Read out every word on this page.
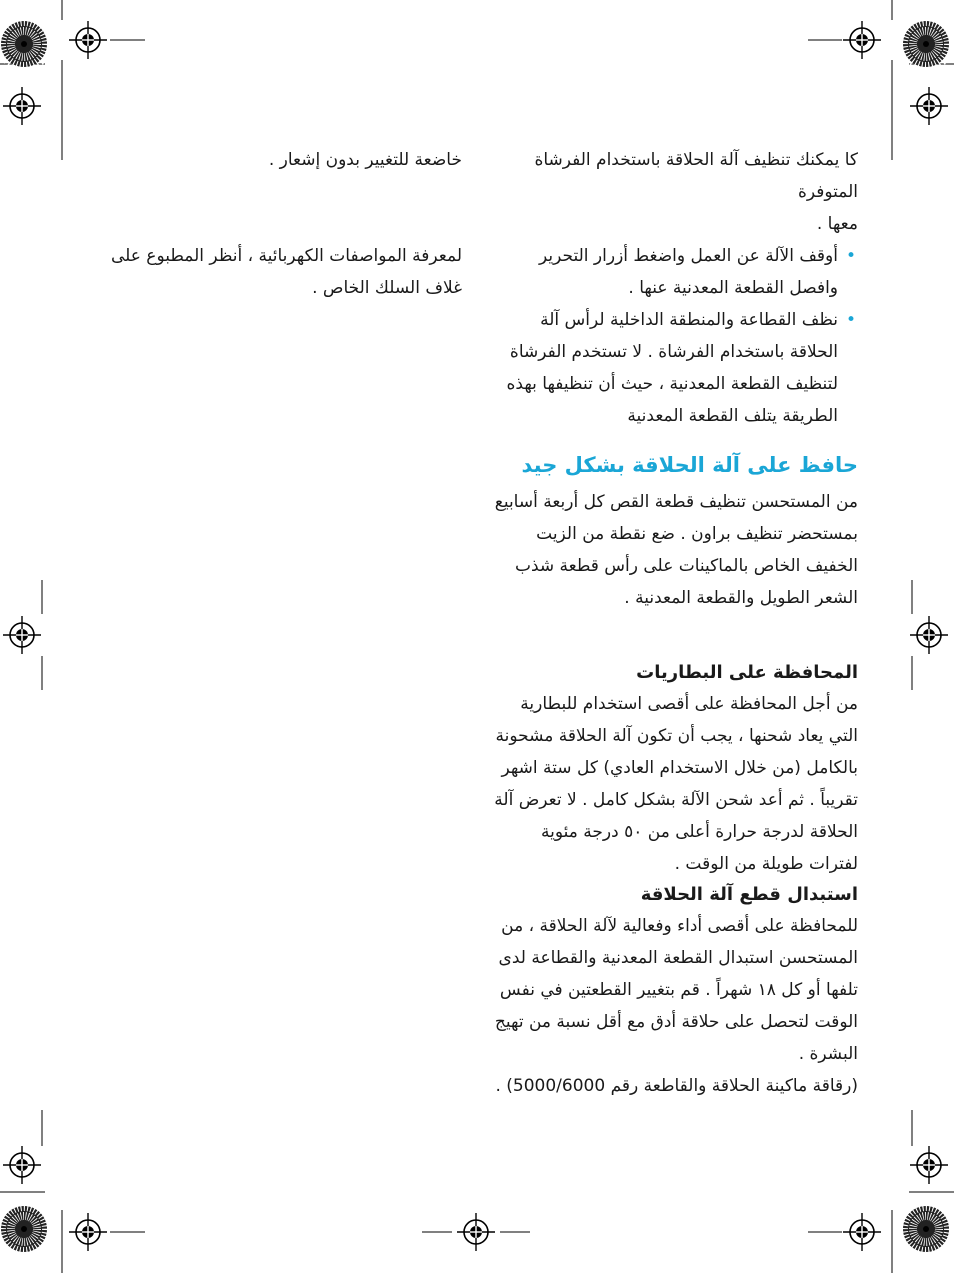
كا يمكنك تنظيف آلة الحلاقة باستخدام الفرشاة المتوفرة

معها .

• أوقف الآلة عن العمل واضغط أزرار التحرير وافصل القطعة المعدنية عنها .
• نظف القطاعة والمنطقة الداخلية لرأس آلة الحلاقة باستخدام الفرشاة . لا تستخدم الفرشاة لتنظيف القطعة المعدنية ، حيث أن تنظيفها بهذه الطريقة يتلف القطعة المعدنية
حافظ على آلة الحلاقة بشكل جيد

من المستحسن تنظيف قطعة القص كل أربعة أسابيع بمستحضر تنظيف براون . ضع نقطة من الزيت الخفيف الخاص بالماكينات على رأس قطعة شذب الشعر الطويل والقطعة المعدنية .

المحافظة على البطاريات

من أجل المحافظة على أقصى استخدام للبطارية التي يعاد شحنها ، يجب أن تكون آلة الحلاقة مشحونة بالكامل (من خلال الاستخدام العادي) كل ستة اشهر تقريباً . ثم أعد شحن الآلة بشكل كامل . لا تعرض آلة الحلاقة لدرجة حرارة أعلى من ٥٠ درجة مئوية لفترات طويلة من الوقت .

استبدال قطع آلة الحلاقة

للمحافظة على أقصى أداء وفعالية لآلة الحلاقة ، من المستحسن استبدال القطعة المعدنية والقطاعة لدى تلفها أو كل ١٨ شهراً . قم بتغيير القطعتين في نفس الوقت لتحصل على حلاقة أدق مع أقل نسبة من تهيج البشرة .

(رقاقة ماكينة الحلاقة والقاطعة رقم 5000/6000) .

خاضعة للتغيير بدون إشعار .

لمعرفة المواصفات الكهربائية ، أنظر المطبوع على غلاف السلك الخاص .
